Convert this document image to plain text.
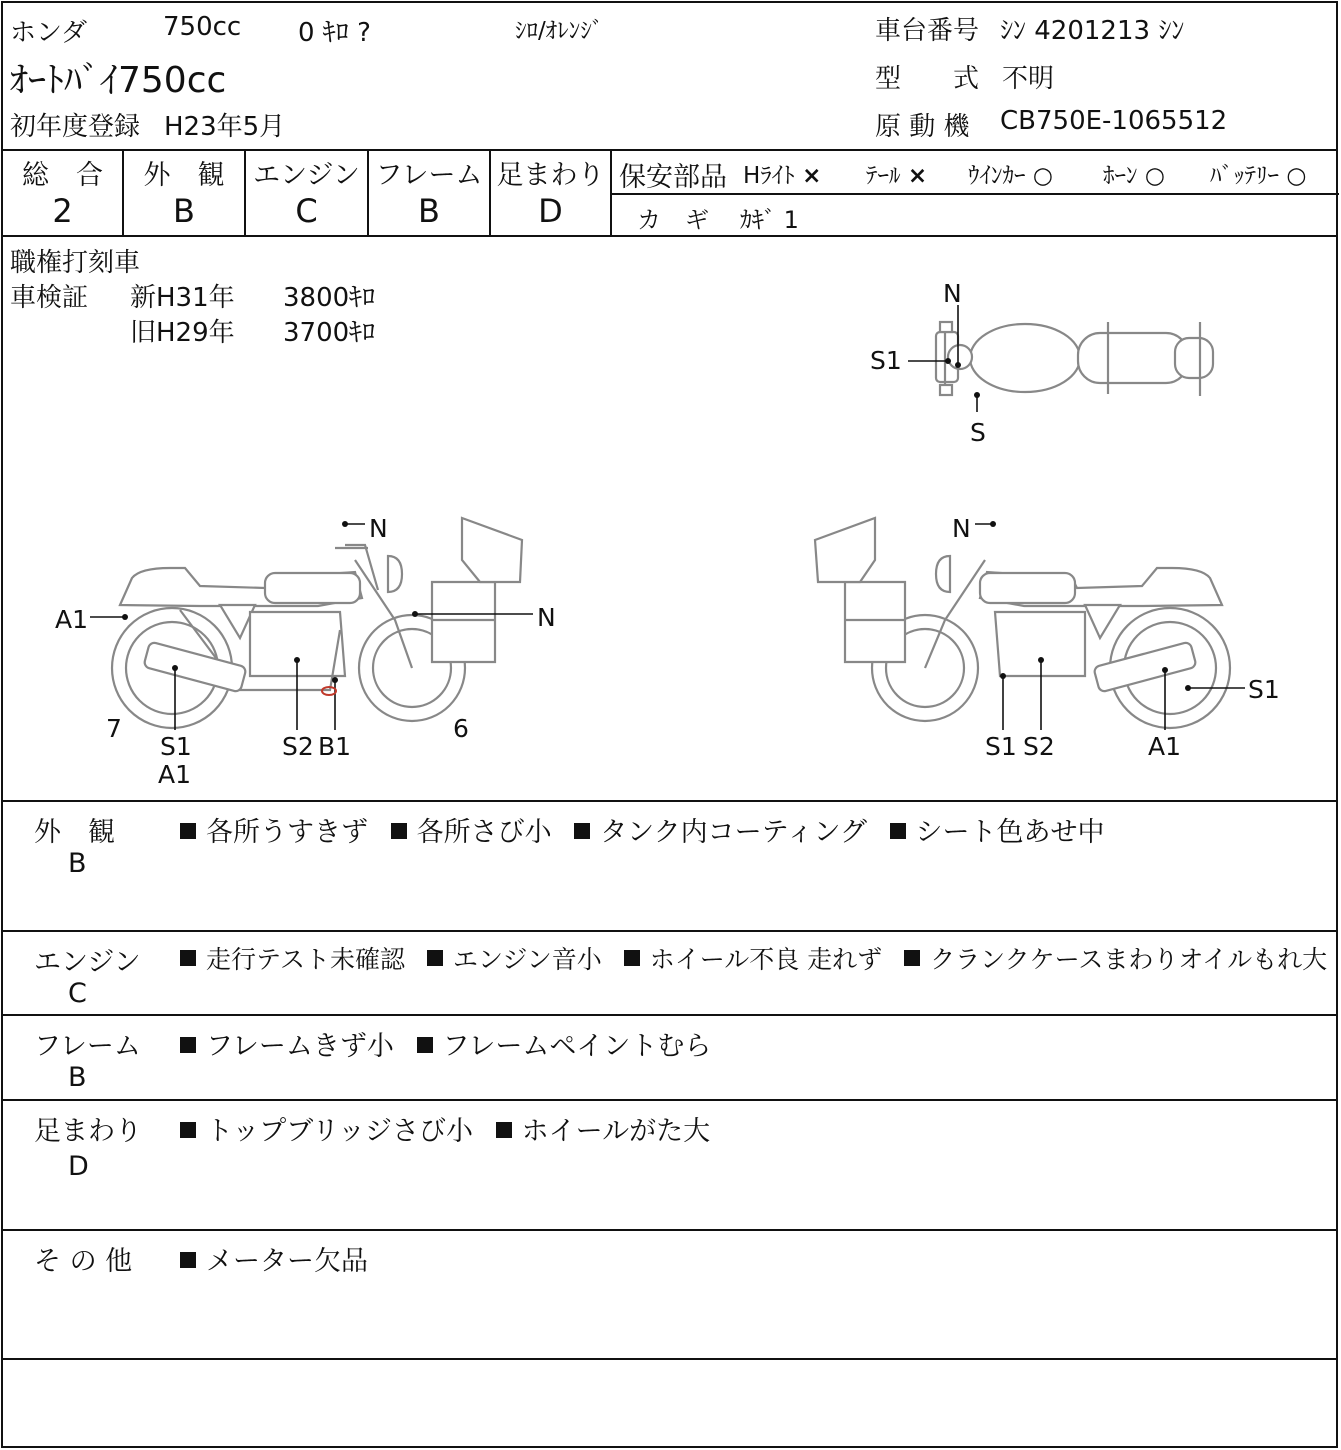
ホンダ	750cc 0 ｷﾛ ?	ｼﾛ/ｵﾚﾝｼﾞ
ｵｰﾄﾊﾞｲ750cc
初年度登録 H23年5月
車台番号 ｼﾝ 4201213 ｼﾝ
型　　式 不明
原 動 機 CB750E-1065512
総　合
2
外　観
B
エンジン
C
フレーム
B
足まわり
D
保安部品 Hﾗｲﾄ × ﾃｰﾙ × ｳｲﾝｶｰ ○ ﾎｰﾝ ○ ﾊﾞｯﾃﾘｰ ○
カ　ギ ｶｷﾞ 1
職権打刻車
車検証 新H31年 3800ｷﾛ
旧H29年 3700ｷﾛ
N
S1
S
N
N
A1
7
S1
A1
S2 B1
6
N
S1
S1 S2	A1
外　観
B
各所うすきず 各所さび小 タンク内コーティング シート色あせ中
エンジン
C
走行テスト未確認 エンジン音小 ホイール不良 走れず クランクケースまわりオイルもれ大
フレーム
B
フレームきず小 フレームペイントむら
足まわり
D
トップブリッジさび小 ホイールがた大
そ の 他	メーター欠品
